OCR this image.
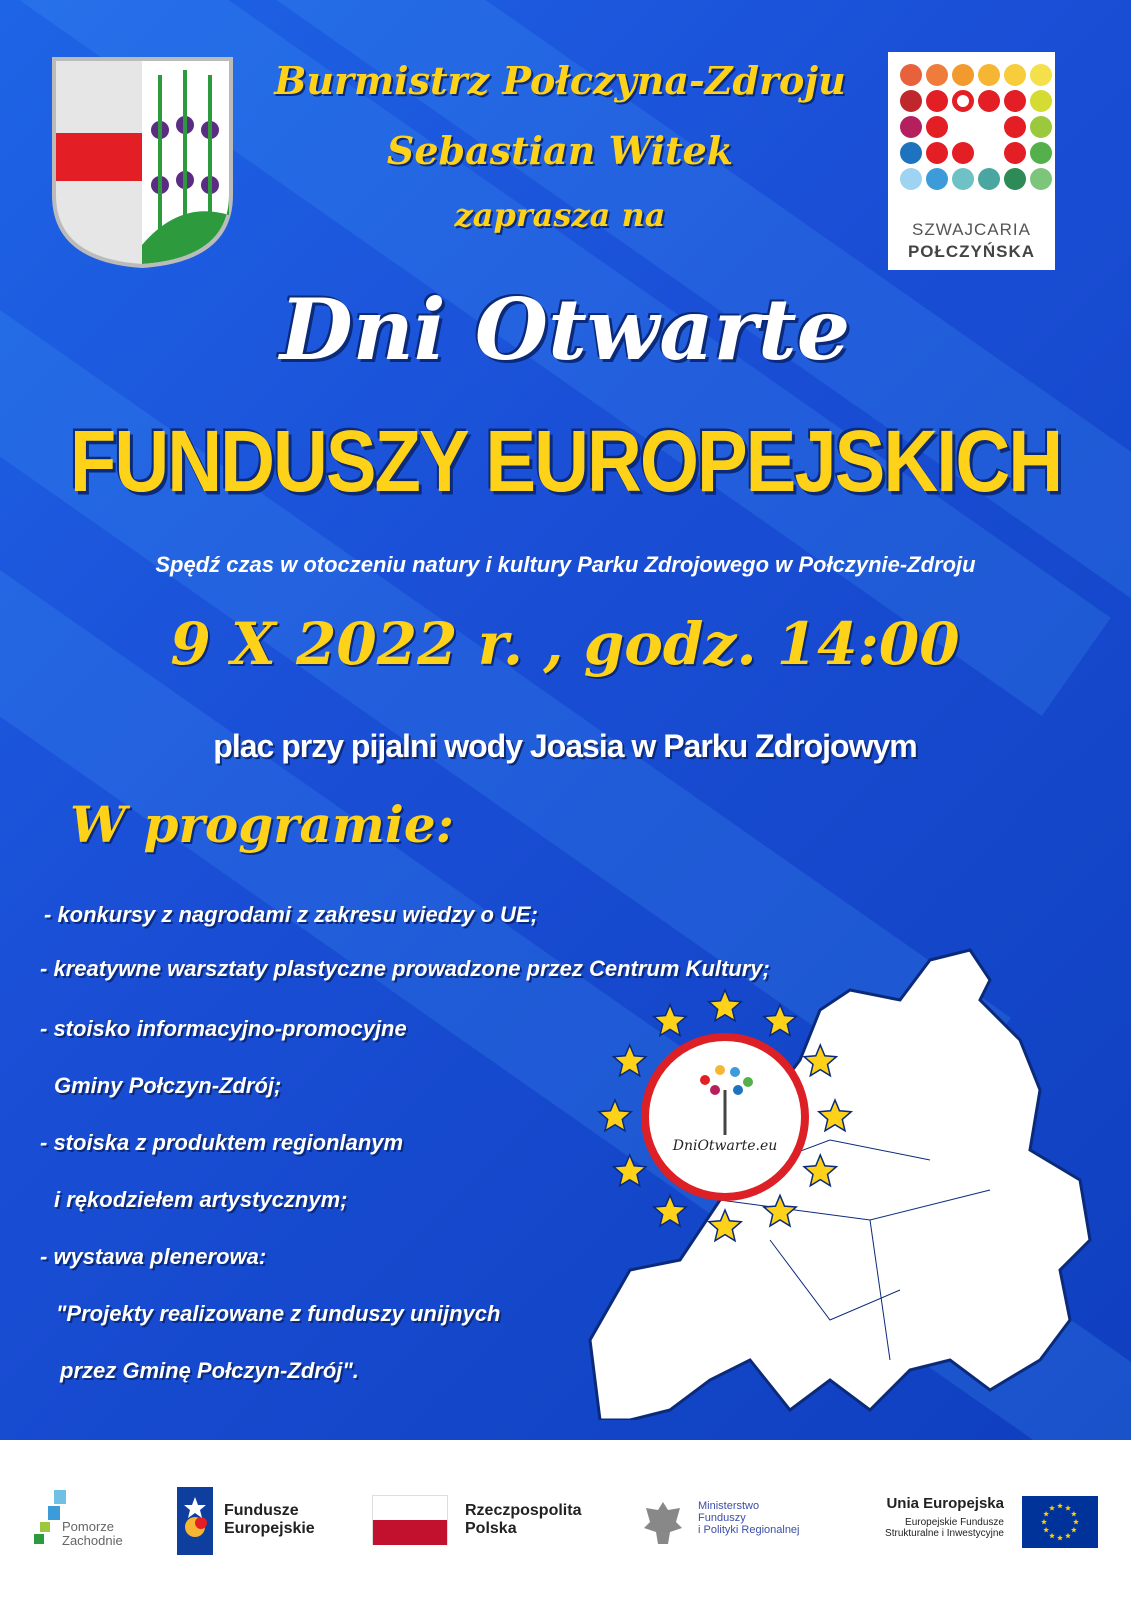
SZWAJCARIA
POŁCZYŃSKA
Burmistrz Połczyna-Zdroju
Sebastian Witek
zaprasza na
Dni Otwarte
FUNDUSZY EUROPEJSKICH
Spędź czas w otoczeniu natury i kultury Parku Zdrojowego w Połczynie-Zdroju
9 X 2022 r. , godz. 14:00
plac przy pijalni wody Joasia w Parku Zdrojowym
W programie:
DniOtwarte.eu
- konkursy z nagrodami z zakresu wiedzy o UE;
- kreatywne warsztaty plastyczne prowadzone przez Centrum Kultury;
- stoisko informacyjno-promocyjne
Gminy Połczyn-Zdrój;
- stoiska z produktem regionlanym
i rękodziełem artystycznym;
- wystawa plenerowa:
"Projekty realizowane z funduszy unijnych
przez Gminę Połczyn-Zdrój".
Pomorze
Zachodnie
Fundusze
Europejskie
Rzeczpospolita
Polska
Ministerstwo
Funduszy
i Polityki Regionalnej
Unia Europejska
Europejskie Fundusze
Strukturalne i Inwestycyjne
